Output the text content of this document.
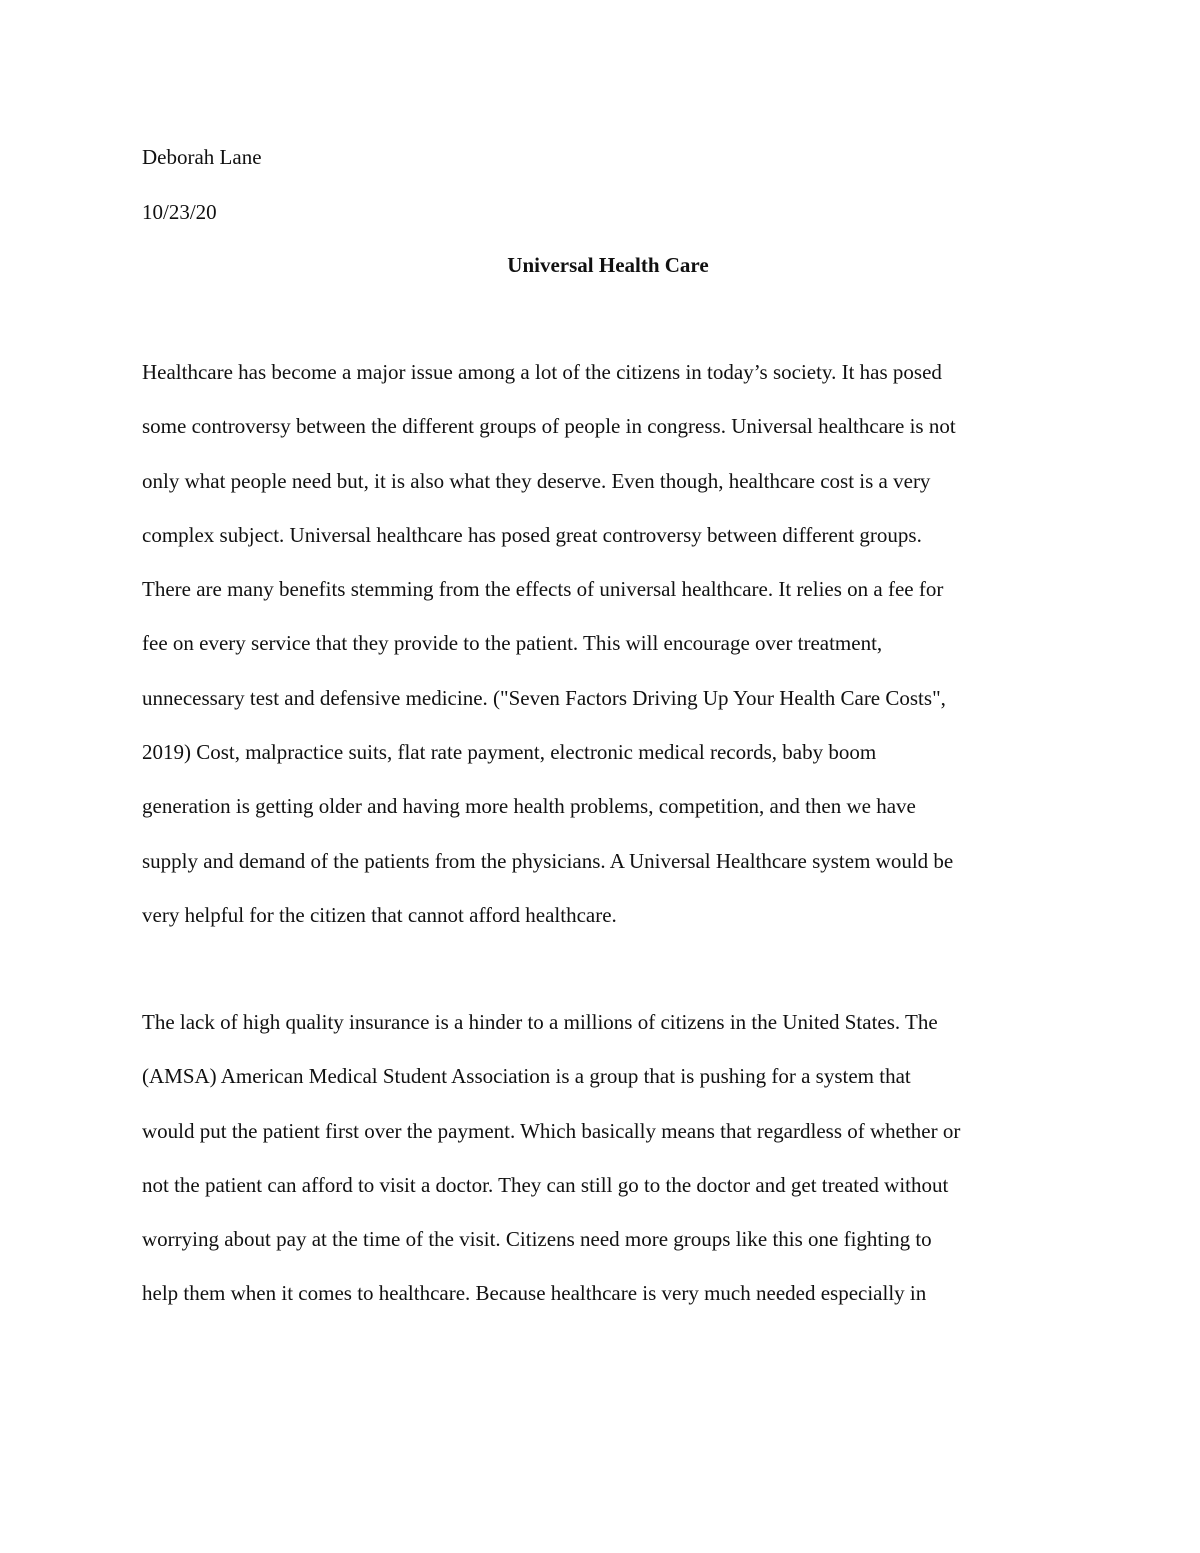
Deborah Lane
10/23/20
Universal Health Care
Healthcare has become a major issue among a lot of the citizens in today’s society. It has posed
some controversy between the different groups of people in congress. Universal healthcare is not
only what people need but, it is also what they deserve. Even though, healthcare cost is a very
complex subject. Universal healthcare has posed great controversy between different groups.
There are many benefits stemming from the effects of universal healthcare. It relies on a fee for
fee on every service that they provide to the patient. This will encourage over treatment,
unnecessary test and defensive medicine. ("Seven Factors Driving Up Your Health Care Costs",
2019) Cost, malpractice suits, flat rate payment, electronic medical records, baby boom
generation is getting older and having more health problems, competition, and then we have
supply and demand of the patients from the physicians. A Universal Healthcare system would be
very helpful for the citizen that cannot afford healthcare.
The lack of high quality insurance is a hinder to a millions of citizens in the United States. The
(AMSA) American Medical Student Association is a group that is pushing for a system that
would put the patient first over the payment. Which basically means that regardless of whether or
not the patient can afford to visit a doctor. They can still go to the doctor and get treated without
worrying about pay at the time of the visit. Citizens need more groups like this one fighting to
help them when it comes to healthcare. Because healthcare is very much needed especially in
